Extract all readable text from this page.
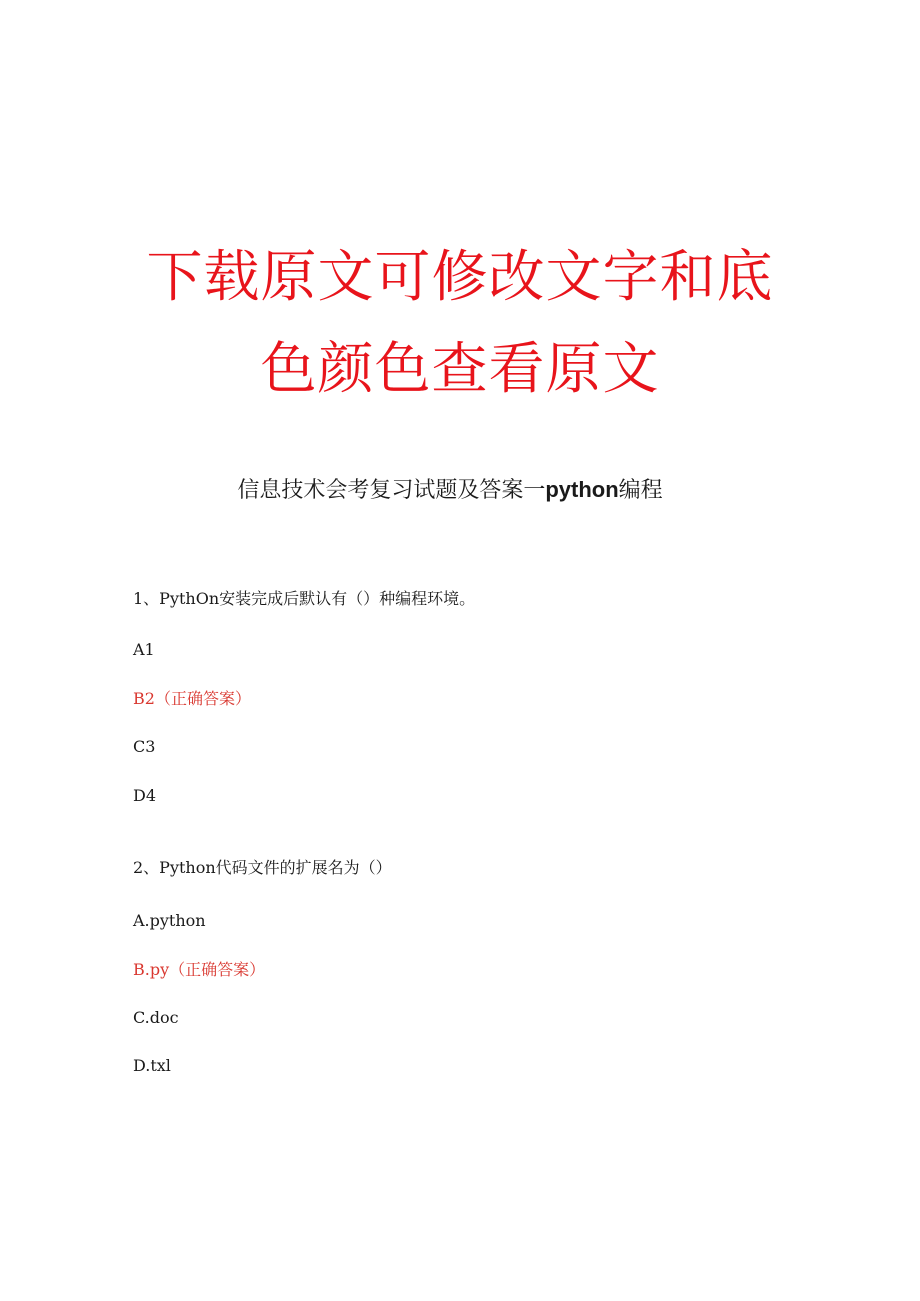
下载原文可修改文字和底
色颜色查看原文
信息技术会考复习试题及答案一python编程
1、PythOn安装完成后默认有（）种编程环境。
A1
B2（正确答案）
C3
D4
2、Python代码文件的扩展名为（）
A.python
B.py（正确答案）
C.doc
D.txl
